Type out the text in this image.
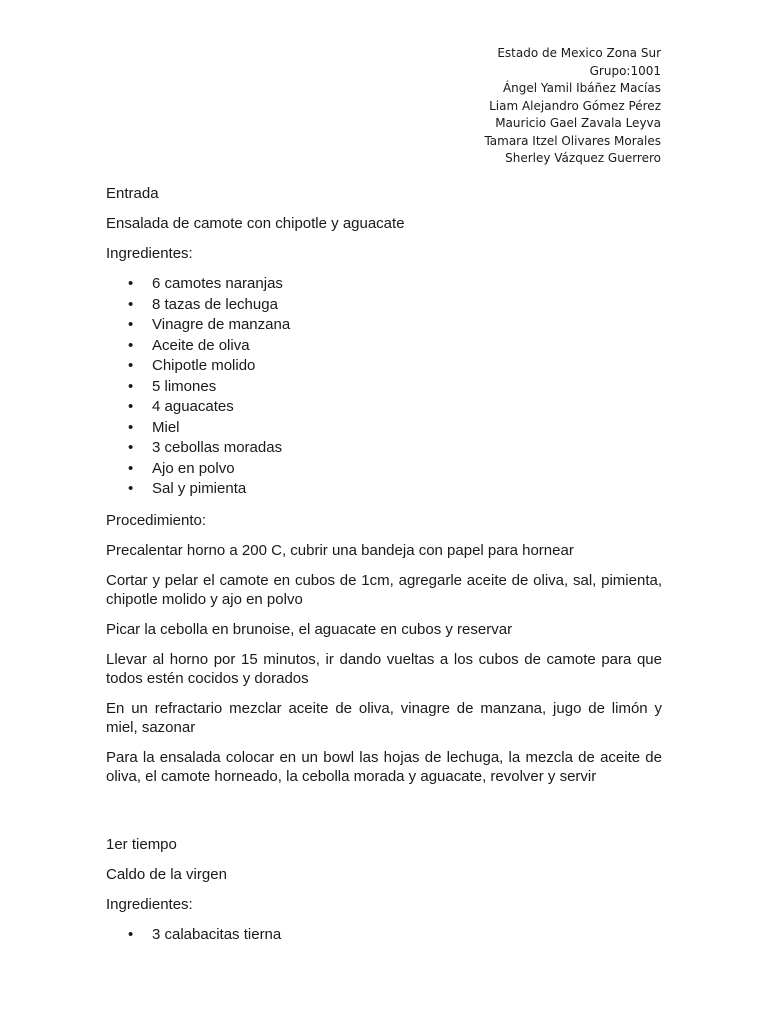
Estado de Mexico Zona Sur
Grupo:1001
Ángel Yamil Ibáñez Macías
Liam Alejandro Gómez Pérez
Mauricio Gael Zavala Leyva
Tamara Itzel Olivares Morales
Sherley Vázquez Guerrero

Entrada

Ensalada de camote con chipotle y aguacate

Ingredientes:

• 6 camotes naranjas
• 8 tazas de lechuga
• Vinagre de manzana
• Aceite de oliva
• Chipotle molido
• 5 limones
• 4 aguacates
• Miel
• 3 cebollas moradas
• Ajo en polvo
• Sal y pimienta

Procedimiento:

Precalentar horno a 200 C, cubrir una bandeja con papel para hornear

Cortar y pelar el camote en cubos de 1cm, agregarle aceite de oliva, sal, pimienta, chipotle molido y ajo en polvo

Picar la cebolla en brunoise, el aguacate en cubos y reservar

Llevar al horno por 15 minutos, ir dando vueltas a los cubos de camote para que todos estén cocidos y dorados

En un refractario mezclar aceite de oliva, vinagre de manzana, jugo de limón y miel, sazonar

Para la ensalada colocar en un bowl las hojas de lechuga, la mezcla de aceite de oliva, el camote horneado, la cebolla morada y aguacate, revolver y servir

1er tiempo

Caldo de la virgen

Ingredientes:

• 3 calabacitas tierna
